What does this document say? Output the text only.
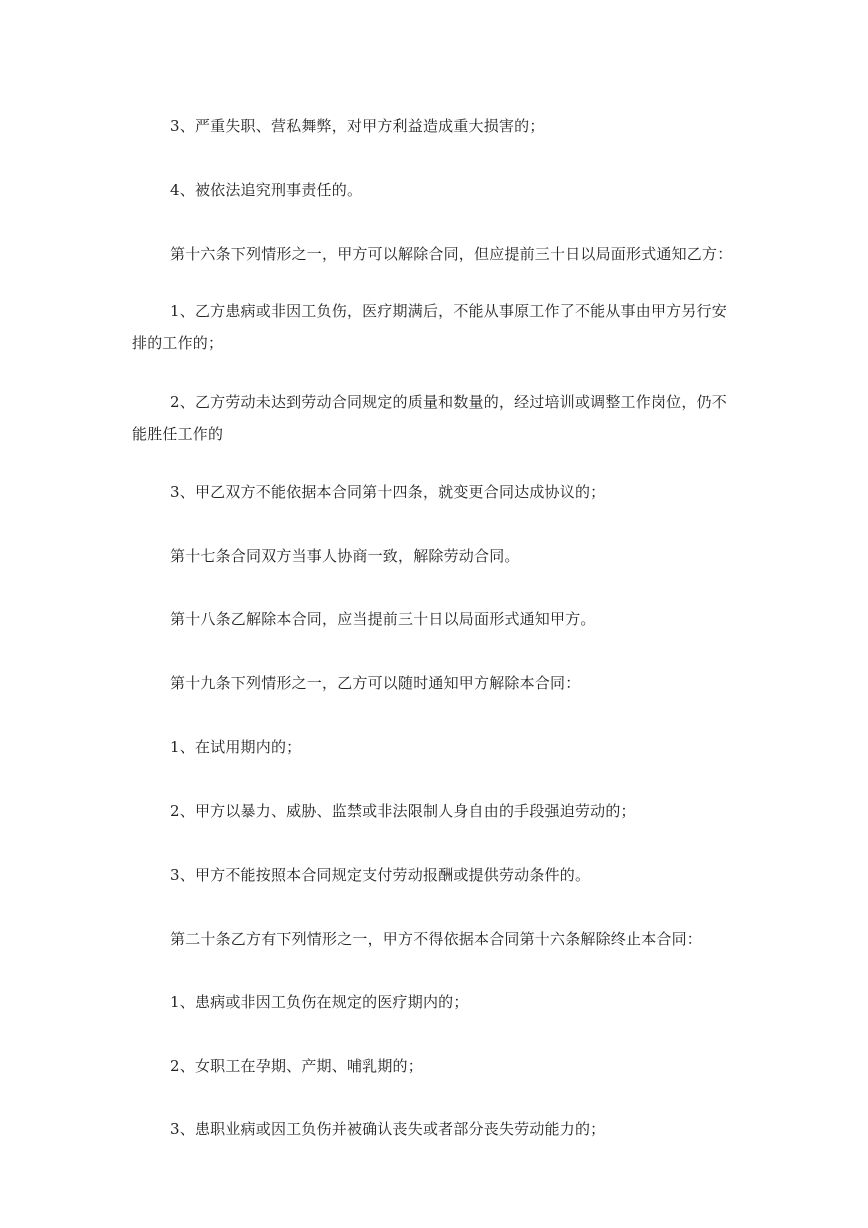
3、严重失职、营私舞弊，对甲方利益造成重大损害的；

4、被依法追究刑事责任的。

第十六条下列情形之一，甲方可以解除合同，但应提前三十日以局面形式通知乙方：

1、乙方患病或非因工负伤，医疗期满后，不能从事原工作了不能从事由甲方另行安排的工作的；

2、乙方劳动未达到劳动合同规定的质量和数量的，经过培训或调整工作岗位，仍不能胜任工作的

3、甲乙双方不能依据本合同第十四条，就变更合同达成协议的；

第十七条合同双方当事人协商一致，解除劳动合同。

第十八条乙解除本合同，应当提前三十日以局面形式通知甲方。

第十九条下列情形之一，乙方可以随时通知甲方解除本合同：

1、在试用期内的；

2、甲方以暴力、威胁、监禁或非法限制人身自由的手段强迫劳动的；

3、甲方不能按照本合同规定支付劳动报酬或提供劳动条件的。

第二十条乙方有下列情形之一，甲方不得依据本合同第十六条解除终止本合同：

1、患病或非因工负伤在规定的医疗期内的；

2、女职工在孕期、产期、哺乳期的；

3、患职业病或因工负伤并被确认丧失或者部分丧失劳动能力的；
